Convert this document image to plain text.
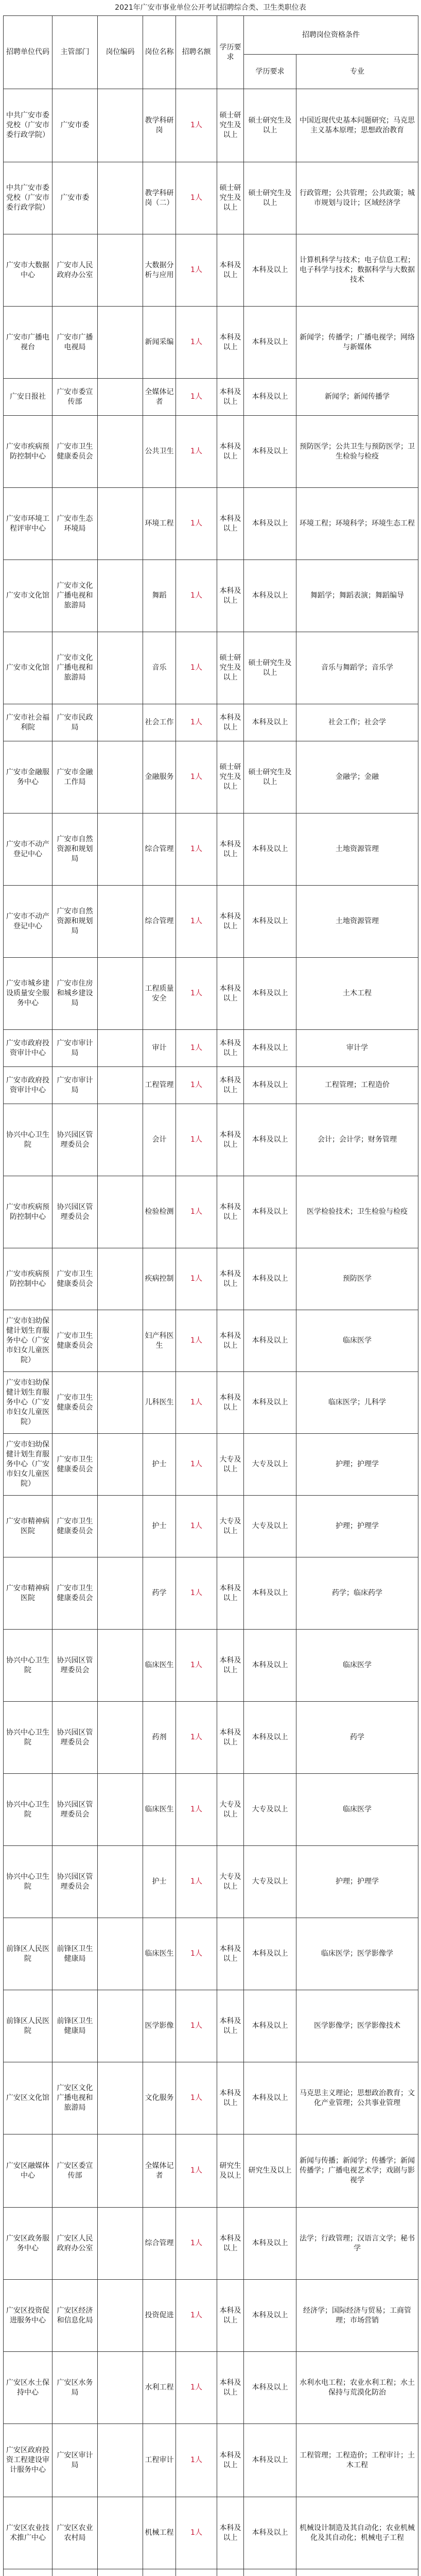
2021年广安市事业单位公开考试招聘综合类、卫生类职位表
招聘单位代码	主管部门	岗位编码	岗位名称	招聘名额	学历要求	招聘岗位资格条件	
						学历要求	专业
中共广安市委党校（广安市委行政学院）	广安市委		教学科研岗	1人	硕士研究生及以上	硕士研究生及以上	中国近现代史基本问题研究；马克思主义基本原理；思想政治教育
中共广安市委党校（广安市委行政学院）	广安市委		教学科研岗（二）	1人	硕士研究生及以上	硕士研究生及以上	行政管理；公共管理；公共政策；城市规划与设计；区域经济学
广安市大数据中心	广安市人民政府办公室		大数据分析与应用	1人	本科及以上	本科及以上	计算机科学与技术；电子信息工程；电子科学与技术；数据科学与大数据技术
广安市广播电视台	广安市广播电视局		新闻采编	1人	本科及以上	本科及以上	新闻学；传播学；广播电视学；网络与新媒体
广安日报社	广安市委宣传部		全媒体记者	1人	本科及以上	本科及以上	新闻学；新闻传播学
广安市疾病预防控制中心	广安市卫生健康委员会		公共卫生	1人	本科及以上	本科及以上	预防医学；公共卫生与预防医学；卫生检验与检疫
广安市环境工程评审中心	广安市生态环境局		环境工程	1人	本科及以上	本科及以上	环境工程；环境科学；环境生态工程
广安市文化馆	广安市文化广播电视和旅游局		舞蹈	1人	本科及以上	本科及以上	舞蹈学；舞蹈表演；舞蹈编导
广安市文化馆	广安市文化广播电视和旅游局		音乐	1人	硕士研究生及以上	硕士研究生及以上	音乐与舞蹈学；音乐学
广安市社会福利院	广安市民政局		社会工作	1人	本科及以上	本科及以上	社会工作；社会学
广安市金融服务中心	广安市金融工作局		金融服务	1人	硕士研究生及以上	硕士研究生及以上	金融学；金融
广安市不动产登记中心	广安市自然资源和规划局		综合管理	1人	本科及以上	本科及以上	土地资源管理
广安市不动产登记中心	广安市自然资源和规划局		综合管理	1人	本科及以上	本科及以上	土地资源管理
广安市城乡建设质量安全服务中心	广安市住房和城乡建设局		工程质量安全	1人	本科及以上	本科及以上	土木工程
广安市政府投资审计中心	广安市审计局		审计	1人	本科及以上	本科及以上	审计学
广安市政府投资审计中心	广安市审计局		工程管理	1人	本科及以上	本科及以上	工程管理；工程造价
协兴中心卫生院	协兴园区管理委员会		会计	1人	本科及以上	本科及以上	会计；会计学；财务管理
广安市疾病预防控制中心	协兴园区管理委员会		检验检测	1人	本科及以上	本科及以上	医学检验技术；卫生检验与检疫
广安市疾病预防控制中心	广安市卫生健康委员会		疾病控制	1人	本科及以上	本科及以上	预防医学
广安市妇幼保健计划生育服务中心（广安市妇女儿童医院）	广安市卫生健康委员会		妇产科医生	1人	本科及以上	本科及以上	临床医学
广安市妇幼保健计划生育服务中心（广安市妇女儿童医院）	广安市卫生健康委员会		儿科医生	1人	本科及以上	本科及以上	临床医学；儿科学
广安市妇幼保健计划生育服务中心（广安市妇女儿童医院）	广安市卫生健康委员会		护士	1人	大专及以上	大专及以上	护理；护理学
广安市精神病医院	广安市卫生健康委员会		护士	1人	大专及以上	大专及以上	护理；护理学
广安市精神病医院	广安市卫生健康委员会		药学	1人	本科及以上	本科及以上	药学；临床药学
协兴中心卫生院	协兴园区管理委员会		临床医生	1人	本科及以上	本科及以上	临床医学
协兴中心卫生院	协兴园区管理委员会		药剂	1人	本科及以上	本科及以上	药学
协兴中心卫生院	协兴园区管理委员会		临床医生	1人	大专及以上	大专及以上	临床医学
协兴中心卫生院	协兴园区管理委员会		护士	1人	大专及以上	大专及以上	护理；护理学
前锋区人民医院	前锋区卫生健康局		临床医生	1人	本科及以上	本科及以上	临床医学；医学影像学
前锋区人民医院	前锋区卫生健康局		医学影像	1人	本科及以上	本科及以上	医学影像学；医学影像技术
广安区文化馆	广安区文化广播电视和旅游局		文化服务	1人	本科及以上	本科及以上	马克思主义理论；思想政治教育；文化产业管理；公共事业管理
广安区融媒体中心	广安区委宣传部		全媒体记者	1人	研究生及以上	研究生及以上	新闻与传播；新闻学；传播学；新闻传播学；广播电视艺术学；戏剧与影视学
广安区政务服务中心	广安区人民政府办公室		综合管理	1人	本科及以上	本科及以上	法学；行政管理；汉语言文学；秘书学
广安区投资促进服务中心	广安区经济和信息化局		投资促进	1人	本科及以上	本科及以上	经济学；国际经济与贸易；工商管理；市场营销
广安区水土保持中心	广安区水务局		水利工程	1人	本科及以上	本科及以上	水利水电工程；农业水利工程；水土保持与荒漠化防治
广安区政府投资工程建设审计服务中心	广安区审计局		工程审计	1人	本科及以上	本科及以上	工程管理；工程造价；工程审计；土木工程
广安区农业技术推广中心	广安区农业农村局		机械工程	1人	本科及以上	本科及以上	机械设计制造及其自动化；农业机械化及其自动化；机械电子工程
